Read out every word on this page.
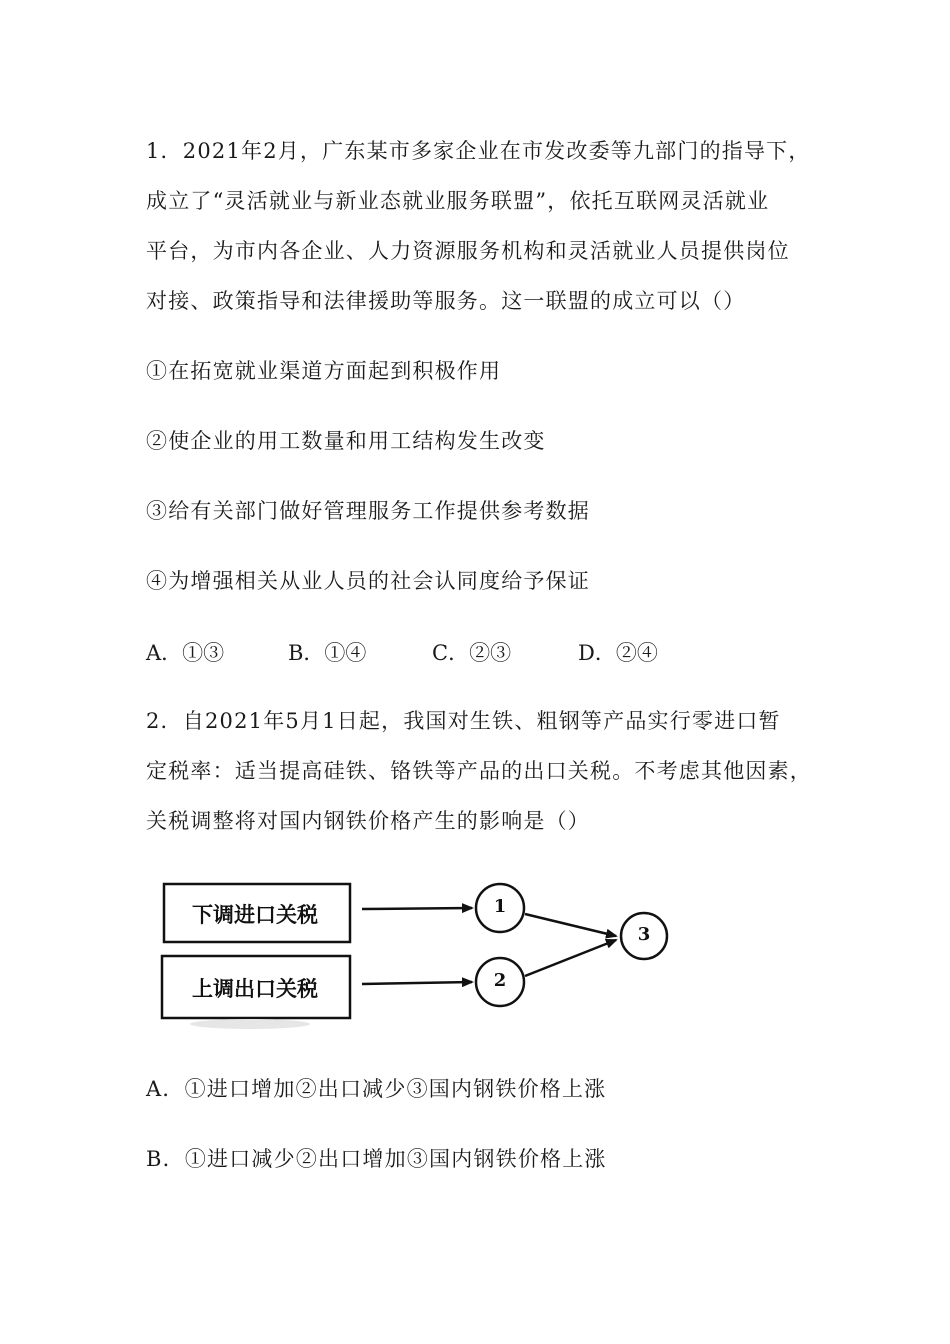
1．2021年2月，广东某市多家企业在市发改委等九部门的指导下，
成立了“灵活就业与新业态就业服务联盟”，依托互联网灵活就业
平台，为市内各企业、人力资源服务机构和灵活就业人员提供岗位
对接、政策指导和法律援助等服务。这一联盟的成立可以（）
①在拓宽就业渠道方面起到积极作用
②使企业的用工数量和用工结构发生改变
③给有关部门做好管理服务工作提供参考数据
④为增强相关从业人员的社会认同度给予保证
A．①③	B．①④	C．②③	D．②④
2．自2021年5月1日起，我国对生铁、粗钢等产品实行零进口暂
定税率：适当提高硅铁、铬铁等产品的出口关税。不考虑其他因素，
关税调整将对国内钢铁价格产生的影响是（）
下调进口关税
上调出口关税
1
2
3
A．①进口增加②出口减少③国内钢铁价格上涨
B．①进口减少②出口增加③国内钢铁价格上涨
